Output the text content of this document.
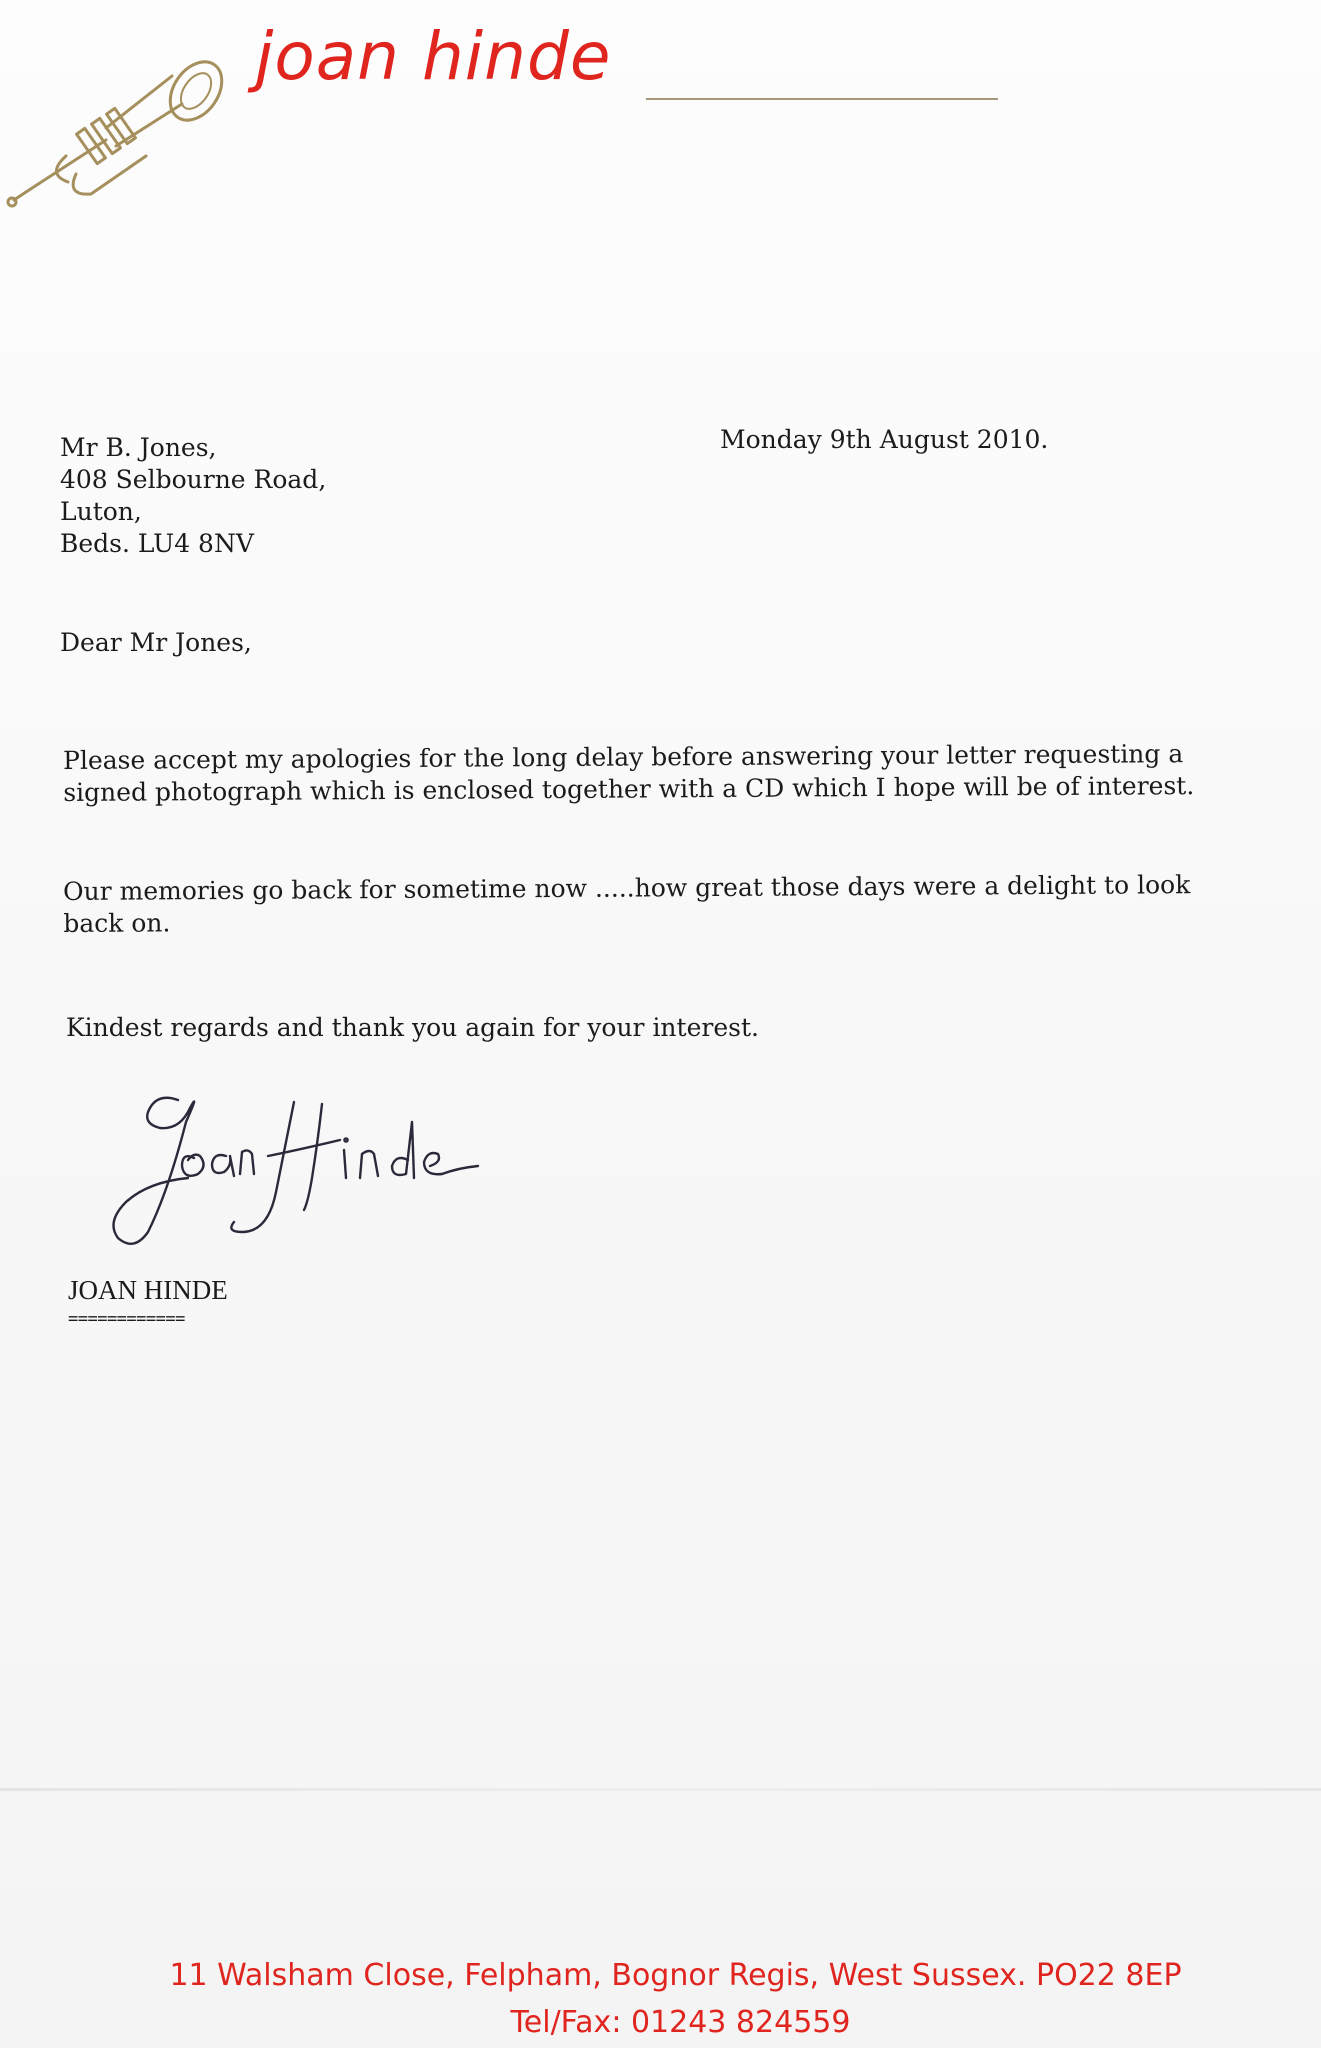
joan hinde
Mr B. Jones,
408 Selbourne Road,
Luton,
Beds. LU4 8NV

Monday 9th August 2010.

Dear Mr Jones,

Please accept my apologies for the long delay before answering your letter requesting a
signed photograph which is enclosed together with a CD which I hope will be of interest.
Our memories go back for sometime now .....how great those days were a delight to look
back on.

Kindest regards and thank you again for your interest.

JOAN HINDE

============

11 Walsham Close, Felpham, Bognor Regis, West Sussex. PO22 8EP

Tel/Fax: 01243 824559
